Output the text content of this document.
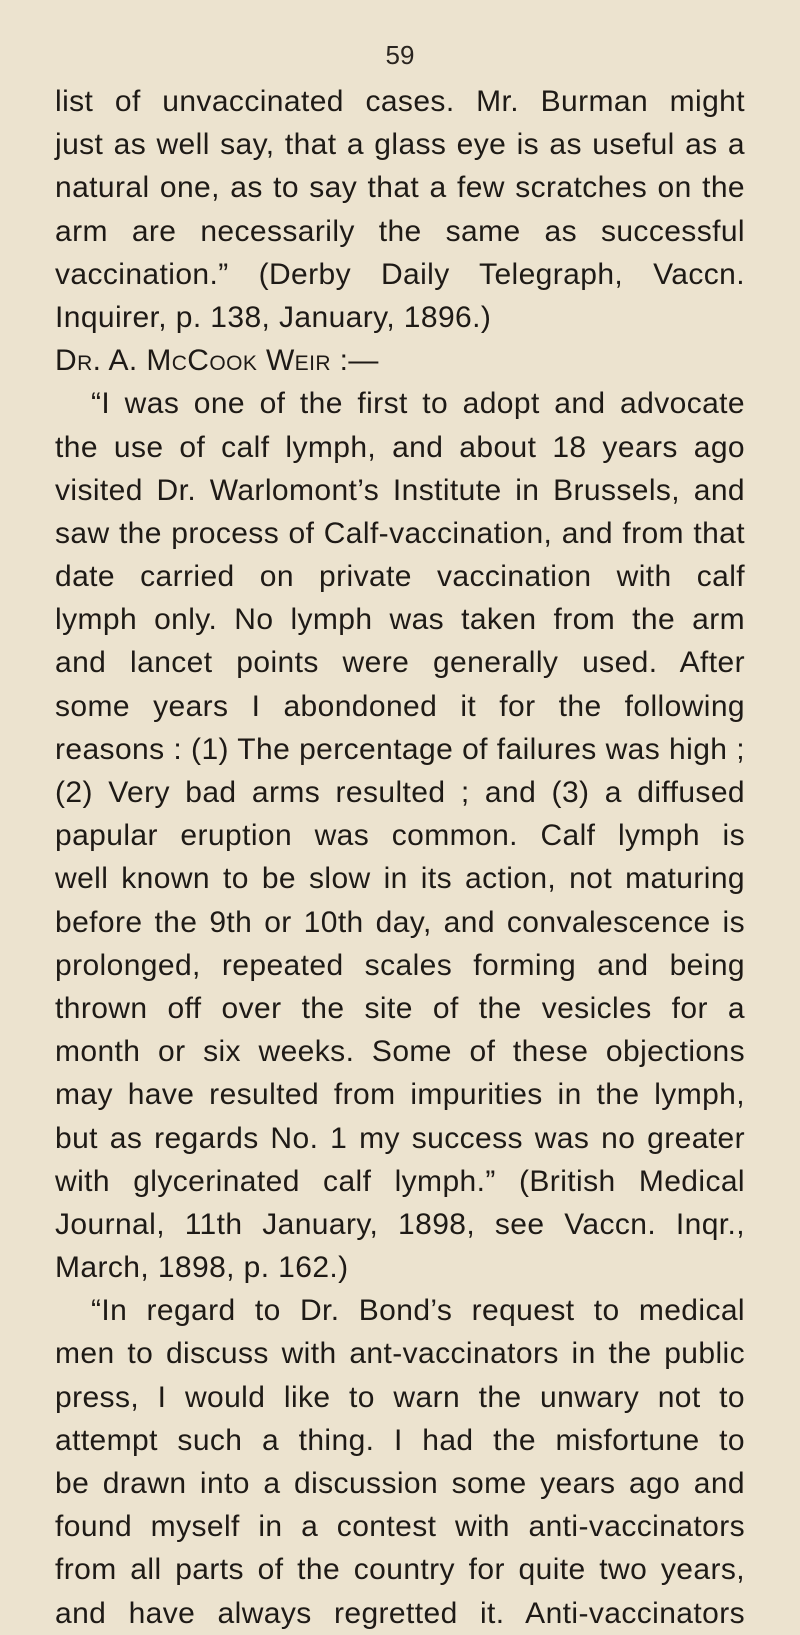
59
list of unvaccinated cases. Mr. Burman might
just as well say, that a glass eye is as useful as a
natural one, as to say that a few scratches on the
arm are necessarily the same as successful
vaccination.” (Derby Daily Telegraph, Vaccn.
Inquirer, p. 138, January, 1896.)
Dr. A. McCook Weir :—
“I was one of the first to adopt and advocate
the use of calf lymph, and about 18 years ago
visited Dr. Warlomont’s Institute in Brussels, and
saw the process of Calf-vaccination, and from that
date carried on private vaccination with calf
lymph only. No lymph was taken from the arm
and lancet points were generally used. After
some years I abondoned it for the following
reasons : (1) The percentage of failures was high ;
(2) Very bad arms resulted ; and (3) a diffused
papular eruption was common. Calf lymph is
well known to be slow in its action, not maturing
before the 9th or 10th day, and convalescence is
prolonged, repeated scales forming and being
thrown off over the site of the vesicles for a
month or six weeks. Some of these objections
may have resulted from impurities in the lymph,
but as regards No. 1 my success was no greater
with glycerinated calf lymph.” (British Medical
Journal, 11th January, 1898, see Vaccn. Inqr.,
March, 1898, p. 162.)
“In regard to Dr. Bond’s request to medical
men to discuss with ant-vaccinators in the public
press, I would like to warn the unwary not to
attempt such a thing. I had the misfortune to
be drawn into a discussion some years ago and
found myself in a contest with anti-vaccinators
from all parts of the country for quite two years,
and have always regretted it. Anti-vaccinators
